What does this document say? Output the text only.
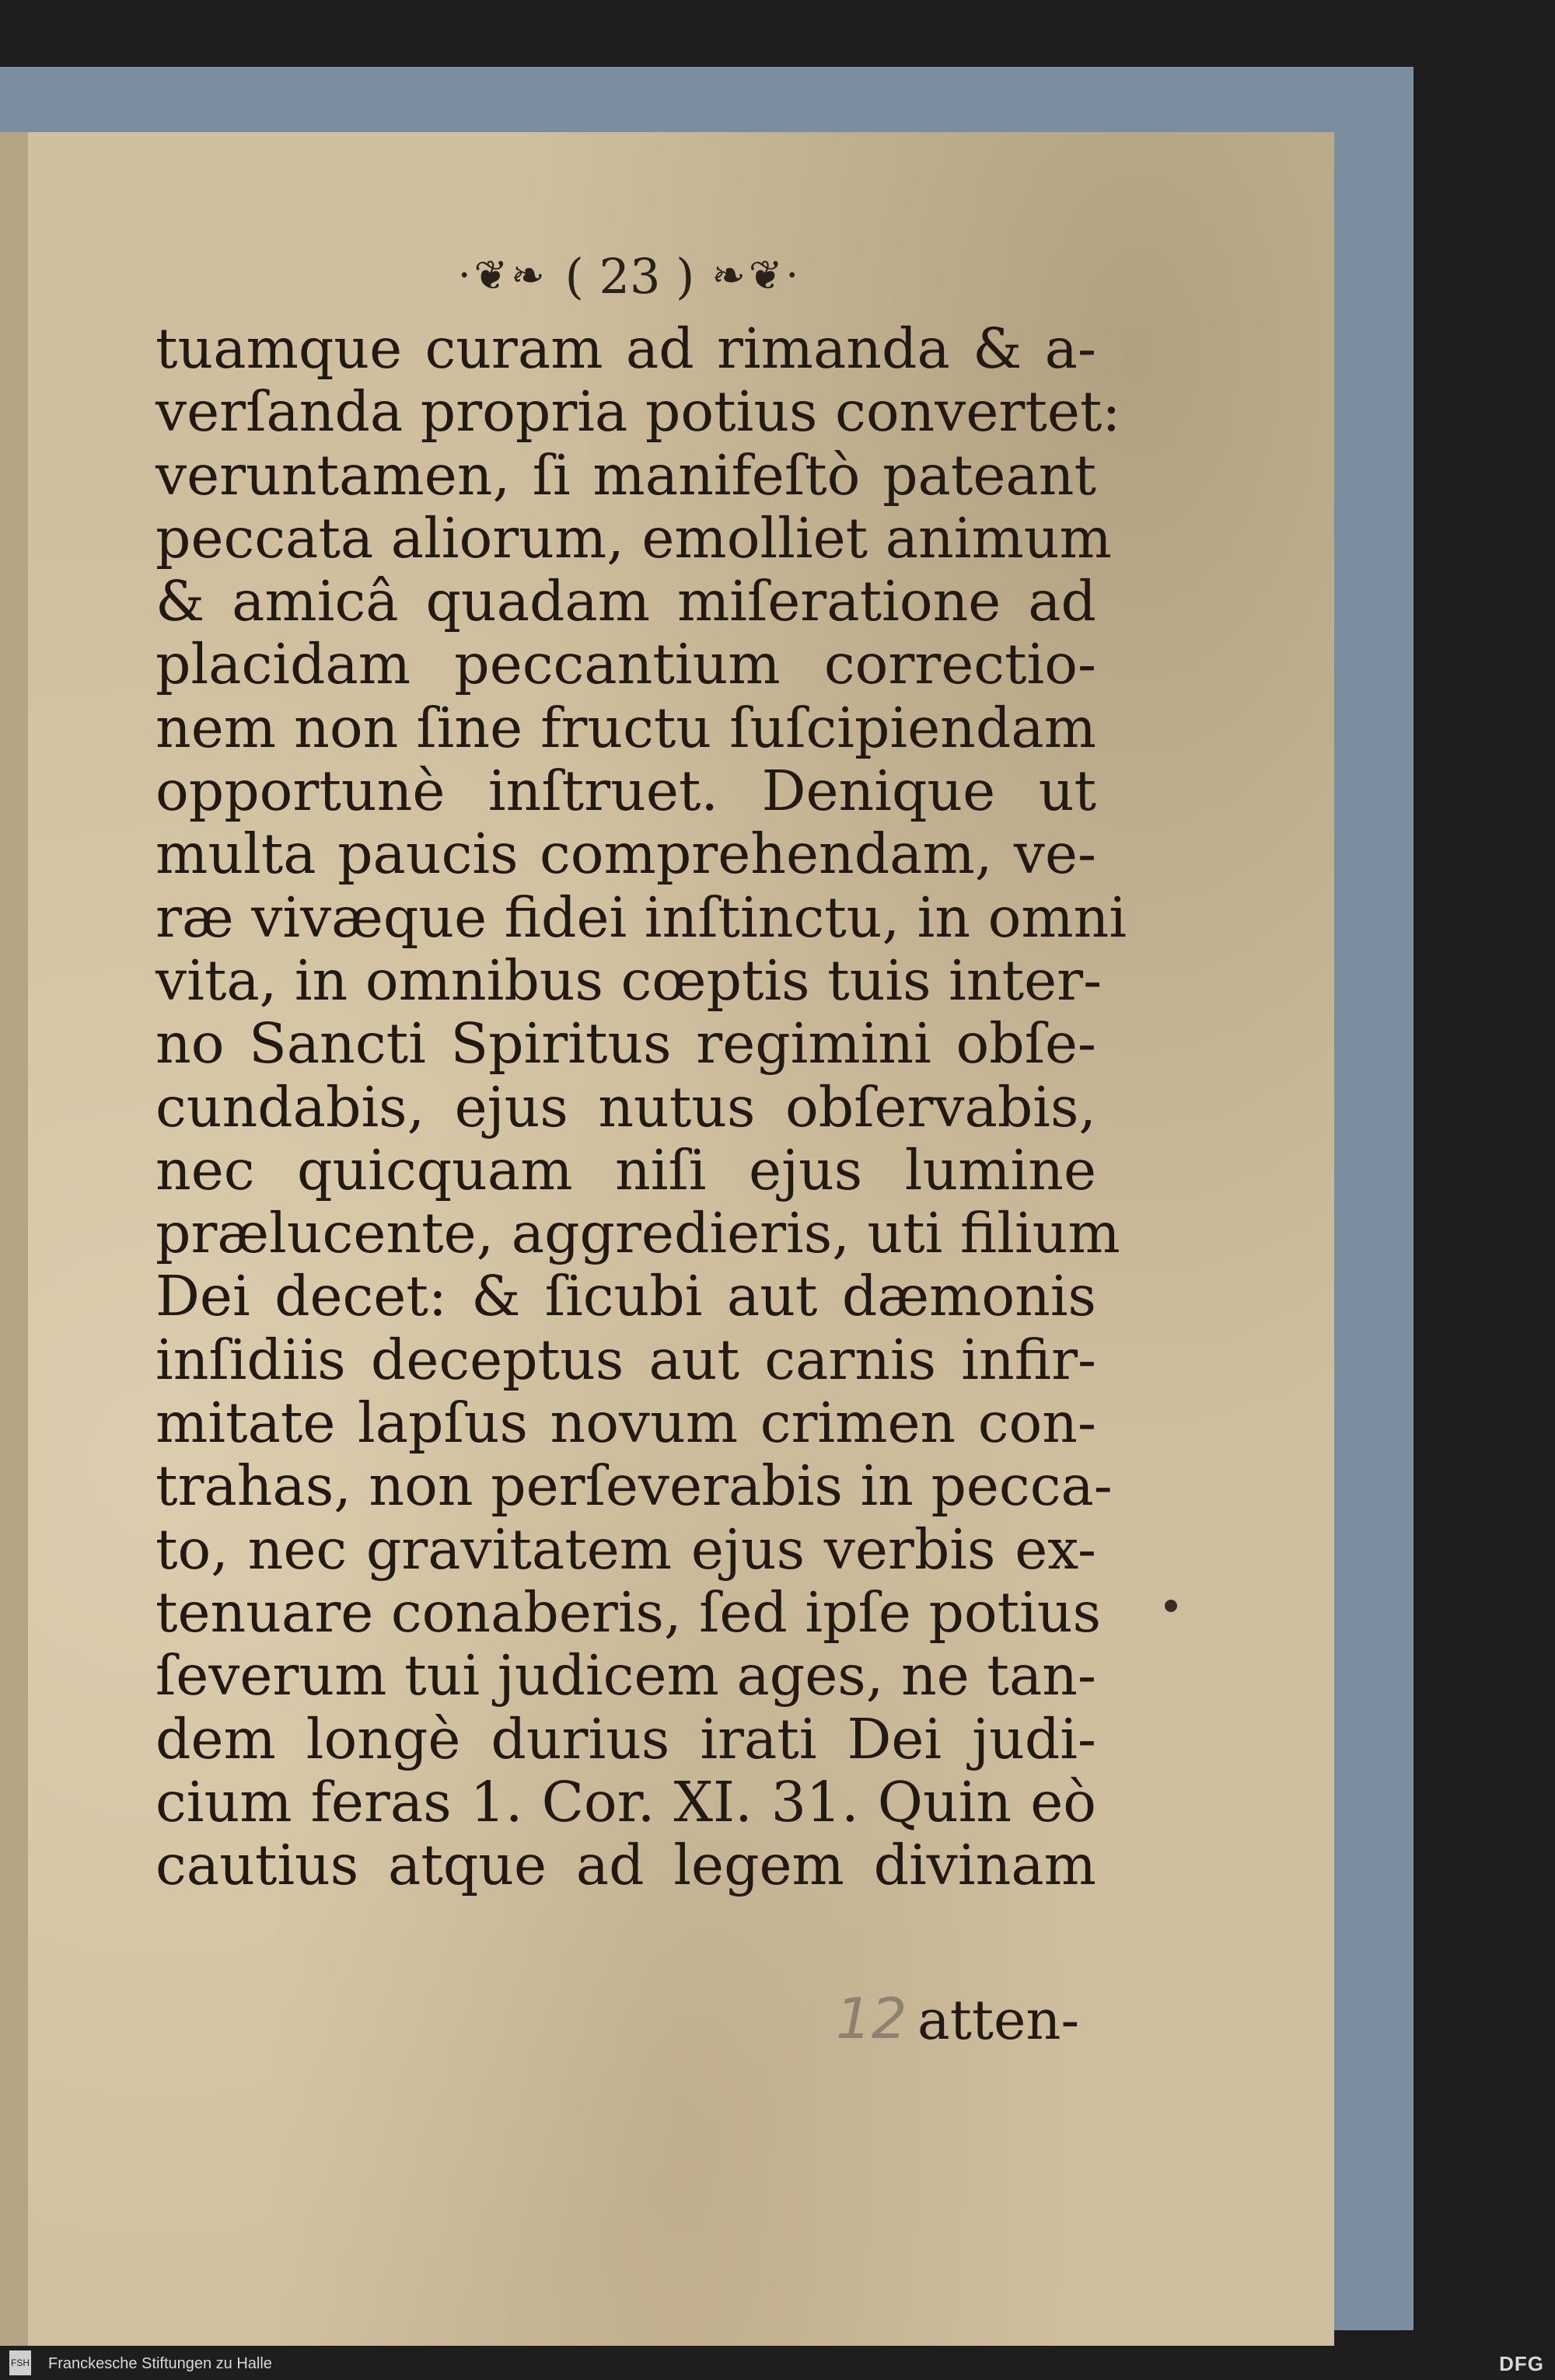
·❦❧ ( 23 ) ❧❦·
tuamque curam ad rimanda & a-
verſanda propria potius convertet:
veruntamen, ſi manifeſtò pateant
peccata aliorum, emolliet animum
& amicâ quadam miſeratione ad
placidam peccantium correctio-
nem non ſine fructu ſuſcipiendam
opportunè inſtruet. Denique ut
multa paucis comprehendam, ve-
ræ vivæque fidei inſtinctu, in omni
vita, in omnibus cœptis tuis inter-
no Sancti Spiritus regimini obſe-
cundabis, ejus nutus obſervabis,
nec quicquam niſi ejus lumine
prælucente, aggredieris, uti filium
Dei decet: & ſicubi aut dæmonis
inſidiis deceptus aut carnis infir-
mitate lapſus novum crimen con-
trahas, non perſeverabis in pecca-
to, nec gravitatem ejus verbis ex-
tenuare conaberis, ſed ipſe potius
ſeverum tui judicem ages, ne tan-
dem longè durius irati Dei judi-
cium feras 1. Cor. XI. 31. Quin eò
cautius atque ad legem divinam
12 atten-
FSH Franckesche Stiftungen zu Halle	DFG
